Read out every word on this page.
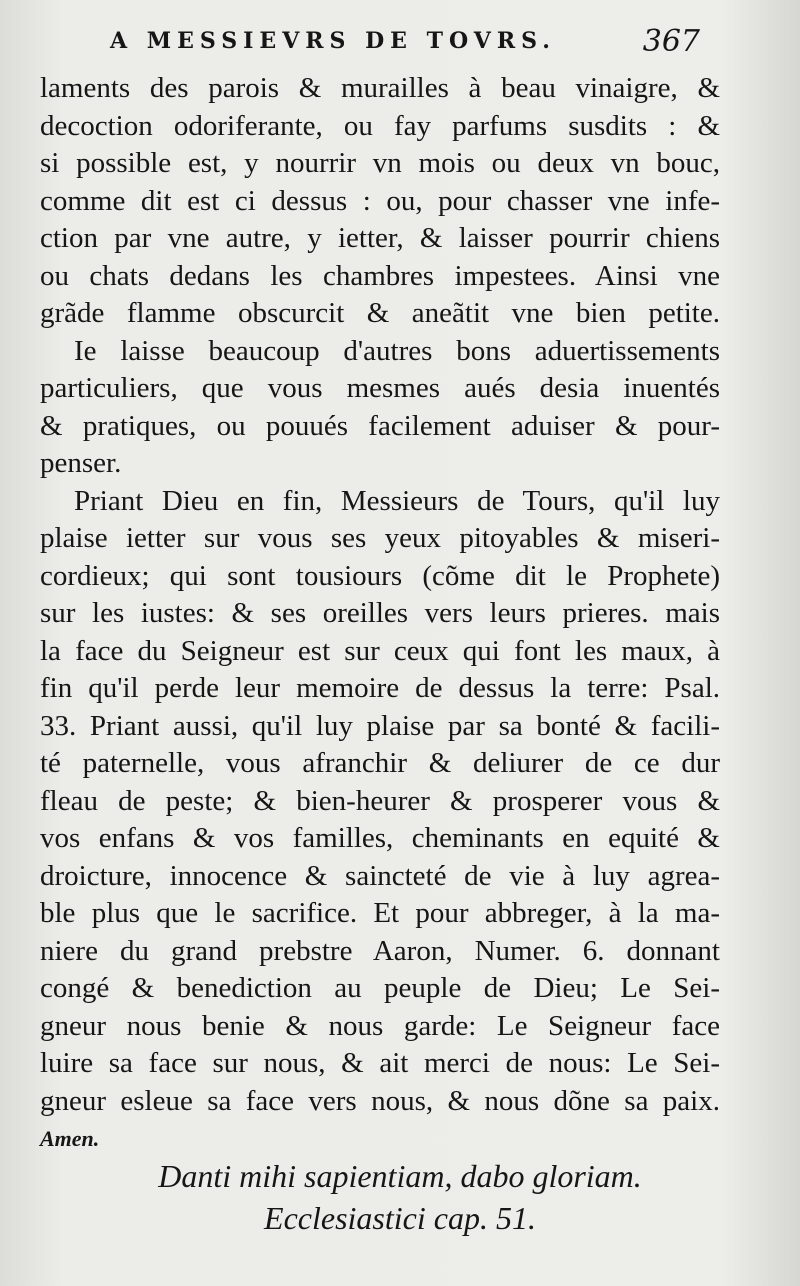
A MESSIEVRS DE TOVRS.	367
laments des parois & murailles à beau vinaigre, &
decoction odoriferante, ou fay parfums susdits : &
si possible est, y nourrir vn mois ou deux vn bouc,
comme dit est ci dessus : ou, pour chasser vne infe-
ction par vne autre, y ietter, & laisser pourrir chiens
ou chats dedans les chambres impestees. Ainsi vne
grãde flamme obscurcit & aneãtit vne bien petite.
Ie laisse beaucoup d'autres bons aduertissements
particuliers, que vous mesmes aués desia inuentés
& pratiques, ou pouués facilement aduiser & pour-
penser.
Priant Dieu en fin, Messieurs de Tours, qu'il luy
plaise ietter sur vous ses yeux pitoyables & miseri-
cordieux; qui sont tousiours (cõme dit le Prophete)
sur les iustes: & ses oreilles vers leurs prieres. mais
la face du Seigneur est sur ceux qui font les maux, à
fin qu'il perde leur memoire de dessus la terre: Psal.
33. Priant aussi, qu'il luy plaise par sa bonté & facili-
té paternelle, vous afranchir & deliurer de ce dur
fleau de peste; & bien-heurer & prosperer vous &
vos enfans & vos familles, cheminants en equité &
droicture, innocence & saincteté de vie à luy agrea-
ble plus que le sacrifice. Et pour abbreger, à la ma-
niere du grand prebstre Aaron, Numer. 6. donnant
congé & benediction au peuple de Dieu; Le Sei-
gneur nous benie & nous garde: Le Seigneur face
luire sa face sur nous, & ait merci de nous: Le Sei-
gneur esleue sa face vers nous, & nous dõne sa paix.
Amen.
Danti mihi sapientiam, dabo gloriam.
Ecclesiastici cap. 51.
